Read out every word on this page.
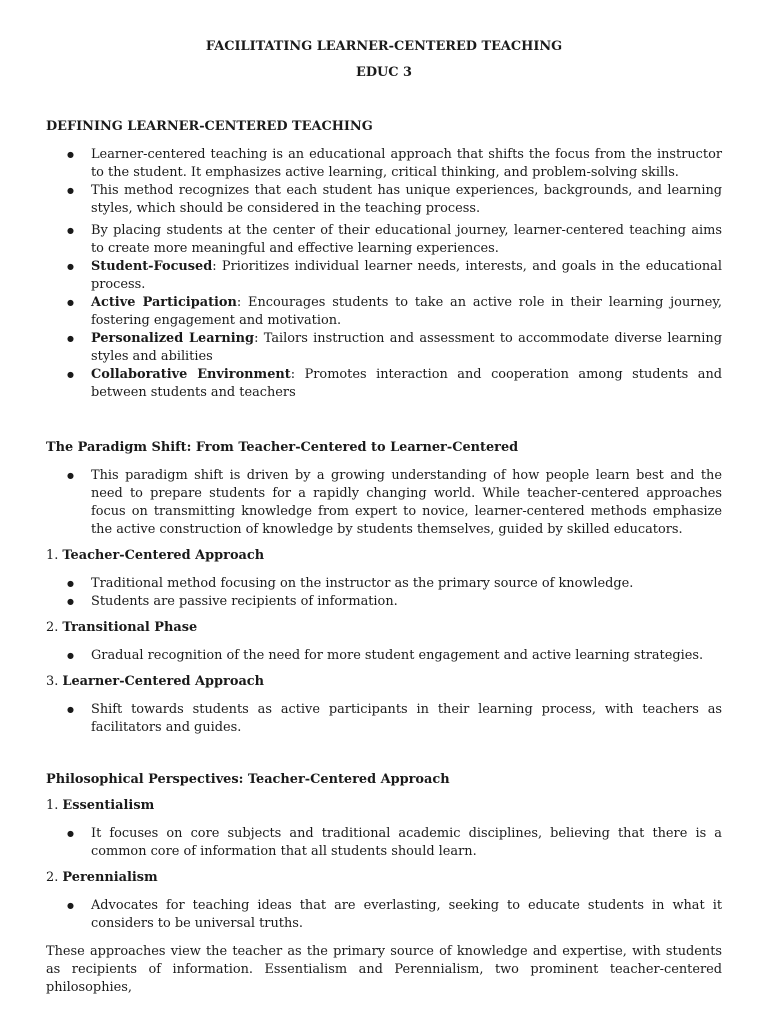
FACILITATING LEARNER-CENTERED TEACHING

EDUC 3

DEFINING LEARNER-CENTERED TEACHING

● Learner-centered teaching is an educational approach that shifts the focus from the instructor to the student. It emphasizes active learning, critical thinking, and problem-solving skills.
● This method recognizes that each student has unique experiences, backgrounds, and learning styles, which should be considered in the teaching process.
● By placing students at the center of their educational journey, learner-centered teaching aims to create more meaningful and effective learning experiences.
● Student-Focused: Prioritizes individual learner needs, interests, and goals in the educational process.
● Active Participation: Encourages students to take an active role in their learning journey, fostering engagement and motivation.
● Personalized Learning: Tailors instruction and assessment to accommodate diverse learning styles and abilities
● Collaborative Environment: Promotes interaction and cooperation among students and between students and teachers

The Paradigm Shift: From Teacher-Centered to Learner-Centered

● This paradigm shift is driven by a growing understanding of how people learn best and the need to prepare students for a rapidly changing world. While teacher-centered approaches focus on transmitting knowledge from expert to novice, learner-centered methods emphasize the active construction of knowledge by students themselves, guided by skilled educators.

1. Teacher-Centered Approach

● Traditional method focusing on the instructor as the primary source of knowledge.
● Students are passive recipients of information.

2. Transitional Phase

● Gradual recognition of the need for more student engagement and active learning strategies.

3. Learner-Centered Approach

● Shift towards students as active participants in their learning process, with teachers as facilitators and guides.

Philosophical Perspectives: Teacher-Centered Approach

1. Essentialism

● It focuses on core subjects and traditional academic disciplines, believing that there is a common core of information that all students should learn.

2. Perennialism

● Advocates for teaching ideas that are everlasting, seeking to educate students in what it considers to be universal truths.

These approaches view the teacher as the primary source of knowledge and expertise, with students as recipients of information. Essentialism and Perennialism, two prominent teacher-centered philosophies,
